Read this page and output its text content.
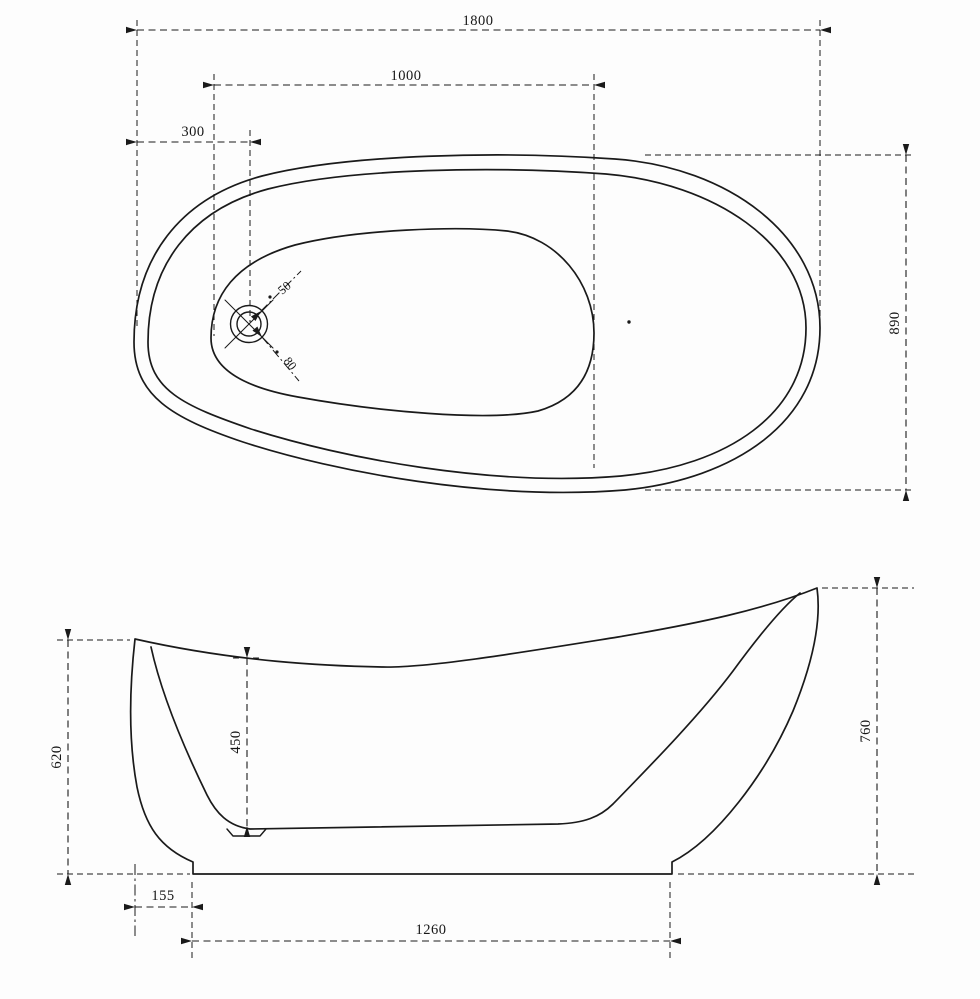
50
80
1800
1000
300
890
620
450	760
155
1260
